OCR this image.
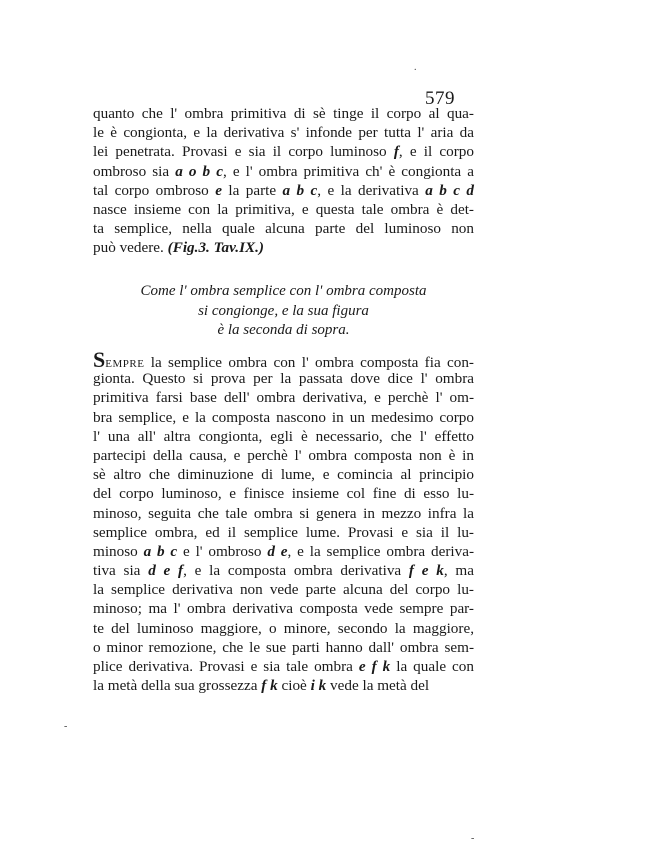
.
-
-
579
quanto che l' ombra primitiva di sè tinge il corpo al qua-
le è congionta, e la derivativa s' infonde per tutta l' aria da
lei penetrata. Provasi e sia il corpo luminoso f, e il corpo
ombroso sia a o b c, e l' ombra primitiva ch' è congionta a
tal corpo ombroso e la parte a b c, e la derivativa a b c d
nasce insieme con la primitiva, e questa tale ombra è det-
ta semplice, nella quale alcuna parte del luminoso non
può vedere. (Fig.3. Tav.IX.)
Come l' ombra semplice con l' ombra composta
si congionge, e la sua figura
è la seconda di sopra.
SEMPRE la semplice ombra con l' ombra composta fia con-
gionta. Questo si prova per la passata dove dice l' ombra
primitiva farsi base dell' ombra derivativa, e perchè l' om-
bra semplice, e la composta nascono in un medesimo corpo
l' una all' altra congionta, egli è necessario, che l' effetto
partecipi della causa, e perchè l' ombra composta non è in
sè altro che diminuzione di lume, e comincia al principio
del corpo luminoso, e finisce insieme col fine di esso lu-
minoso, seguita che tale ombra si genera in mezzo infra la
semplice ombra, ed il semplice lume. Provasi e sia il lu-
minoso a b c e l' ombroso d e, e la semplice ombra deriva-
tiva sia d e f, e la composta ombra derivativa f e k, ma
la semplice derivativa non vede parte alcuna del corpo lu-
minoso; ma l' ombra derivativa composta vede sempre par-
te del luminoso maggiore, o minore, secondo la maggiore,
o minor remozione, che le sue parti hanno dall' ombra sem-
plice derivativa. Provasi e sia tale ombra e f k la quale con
la metà della sua grossezza f k cioè i k vede la metà del
